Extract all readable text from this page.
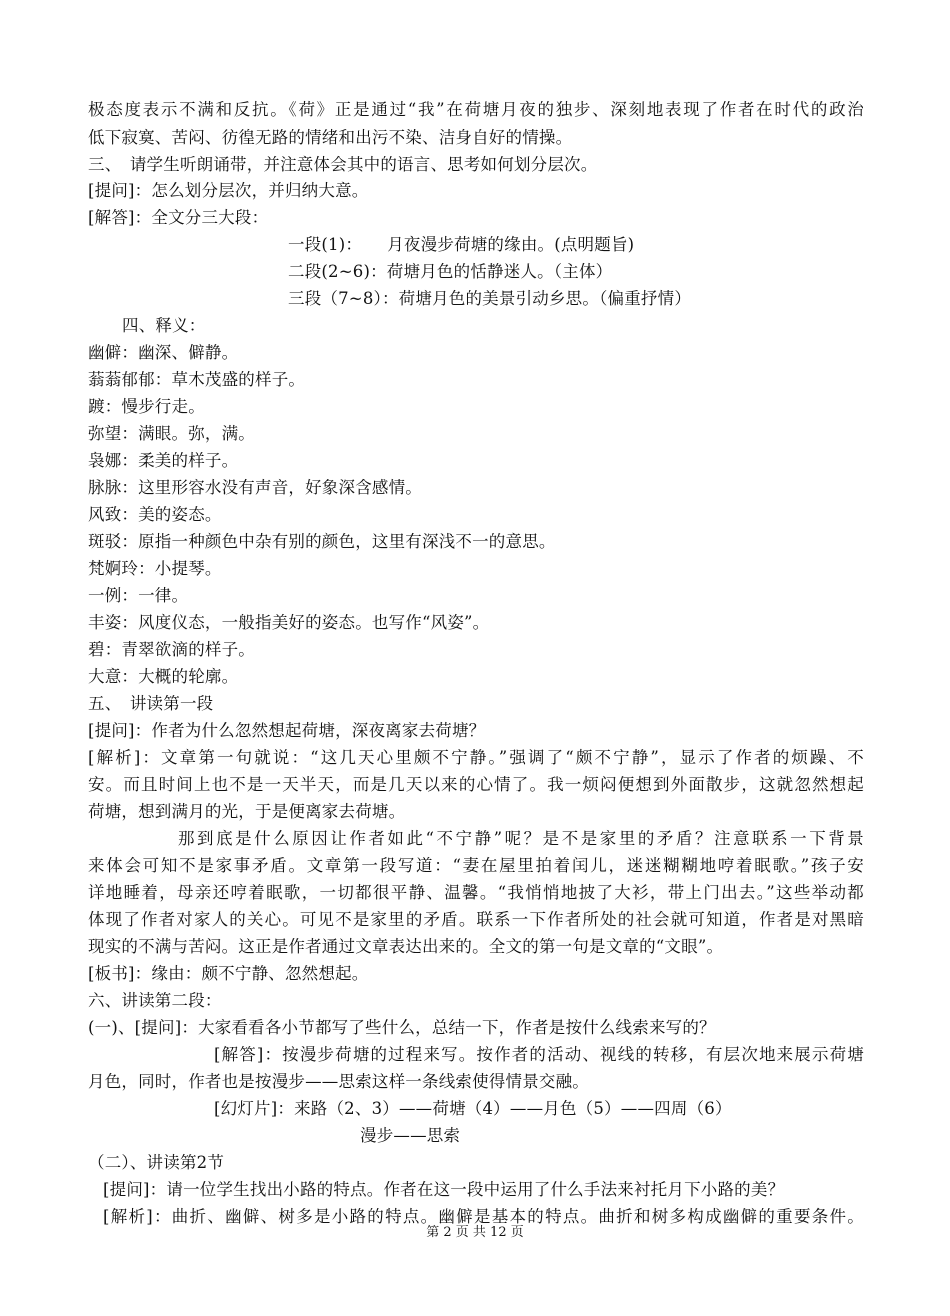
极态度表示不满和反抗。《荷》正是通过“我”在荷塘月夜的独步、深刻地表现了作者在时代的政治
低下寂寞、苦闷、彷徨无路的情绪和出污不染、洁身自好的情操。
三、　请学生听朗诵带，并注意体会其中的语言、思考如何划分层次。
[提问]：怎么划分层次，并归纳大意。
[解答]：全文分三大段：
一段(1)：　　月夜漫步荷塘的缘由。(点明题旨)
二段(2~6)：荷塘月色的恬静迷人。（主体）
三段（7~8）：荷塘月色的美景引动乡思。（偏重抒情）
四、释义：
幽僻：幽深、僻静。
蓊蓊郁郁：草木茂盛的样子。
踱：慢步行走。
弥望：满眼。弥，满。
袅娜：柔美的样子。
脉脉：这里形容水没有声音，好象深含感情。
风致：美的姿态。
斑驳：原指一种颜色中杂有别的颜色，这里有深浅不一的意思。
梵婀玲：小提琴。
一例：一律。
丰姿：风度仪态，一般指美好的姿态。也写作“风姿”。
碧：青翠欲滴的样子。
大意：大概的轮廓。
五、　讲读第一段
[提问]：作者为什么忽然想起荷塘，深夜离家去荷塘？
[解析]：文章第一句就说：“这几天心里颇不宁静。”强调了“颇不宁静”，显示了作者的烦躁、不
安。而且时间上也不是一天半天，而是几天以来的心情了。我一烦闷便想到外面散步，这就忽然想起
荷塘，想到满月的光，于是便离家去荷塘。
那到底是什么原因让作者如此“不宁静”呢？是不是家里的矛盾？注意联系一下背景
来体会可知不是家事矛盾。文章第一段写道：“妻在屋里拍着闰儿，迷迷糊糊地哼着眠歌。”孩子安
详地睡着，母亲还哼着眠歌，一切都很平静、温馨。“我悄悄地披了大衫，带上门出去。”这些举动都
体现了作者对家人的关心。可见不是家里的矛盾。联系一下作者所处的社会就可知道，作者是对黑暗
现实的不满与苦闷。这正是作者通过文章表达出来的。全文的第一句是文章的“文眼”。
[板书]：缘由：颇不宁静、忽然想起。
六、讲读第二段：
(一)、[提问]：大家看看各小节都写了些什么，总结一下，作者是按什么线索来写的？
[解答]：按漫步荷塘的过程来写。按作者的活动、视线的转移，有层次地来展示荷塘
月色，同时，作者也是按漫步——思索这样一条线索使得情景交融。
[幻灯片]：来路（2、3）——荷塘（4）——月色（5）——四周（6）
漫步——思索
（二）、讲读第2节
[提问]：请一位学生找出小路的特点。作者在这一段中运用了什么手法来衬托月下小路的美？
[解析]：曲折、幽僻、树多是小路的特点。幽僻是基本的特点。曲折和树多构成幽僻的重要条件。
第 2 页 共 12 页
